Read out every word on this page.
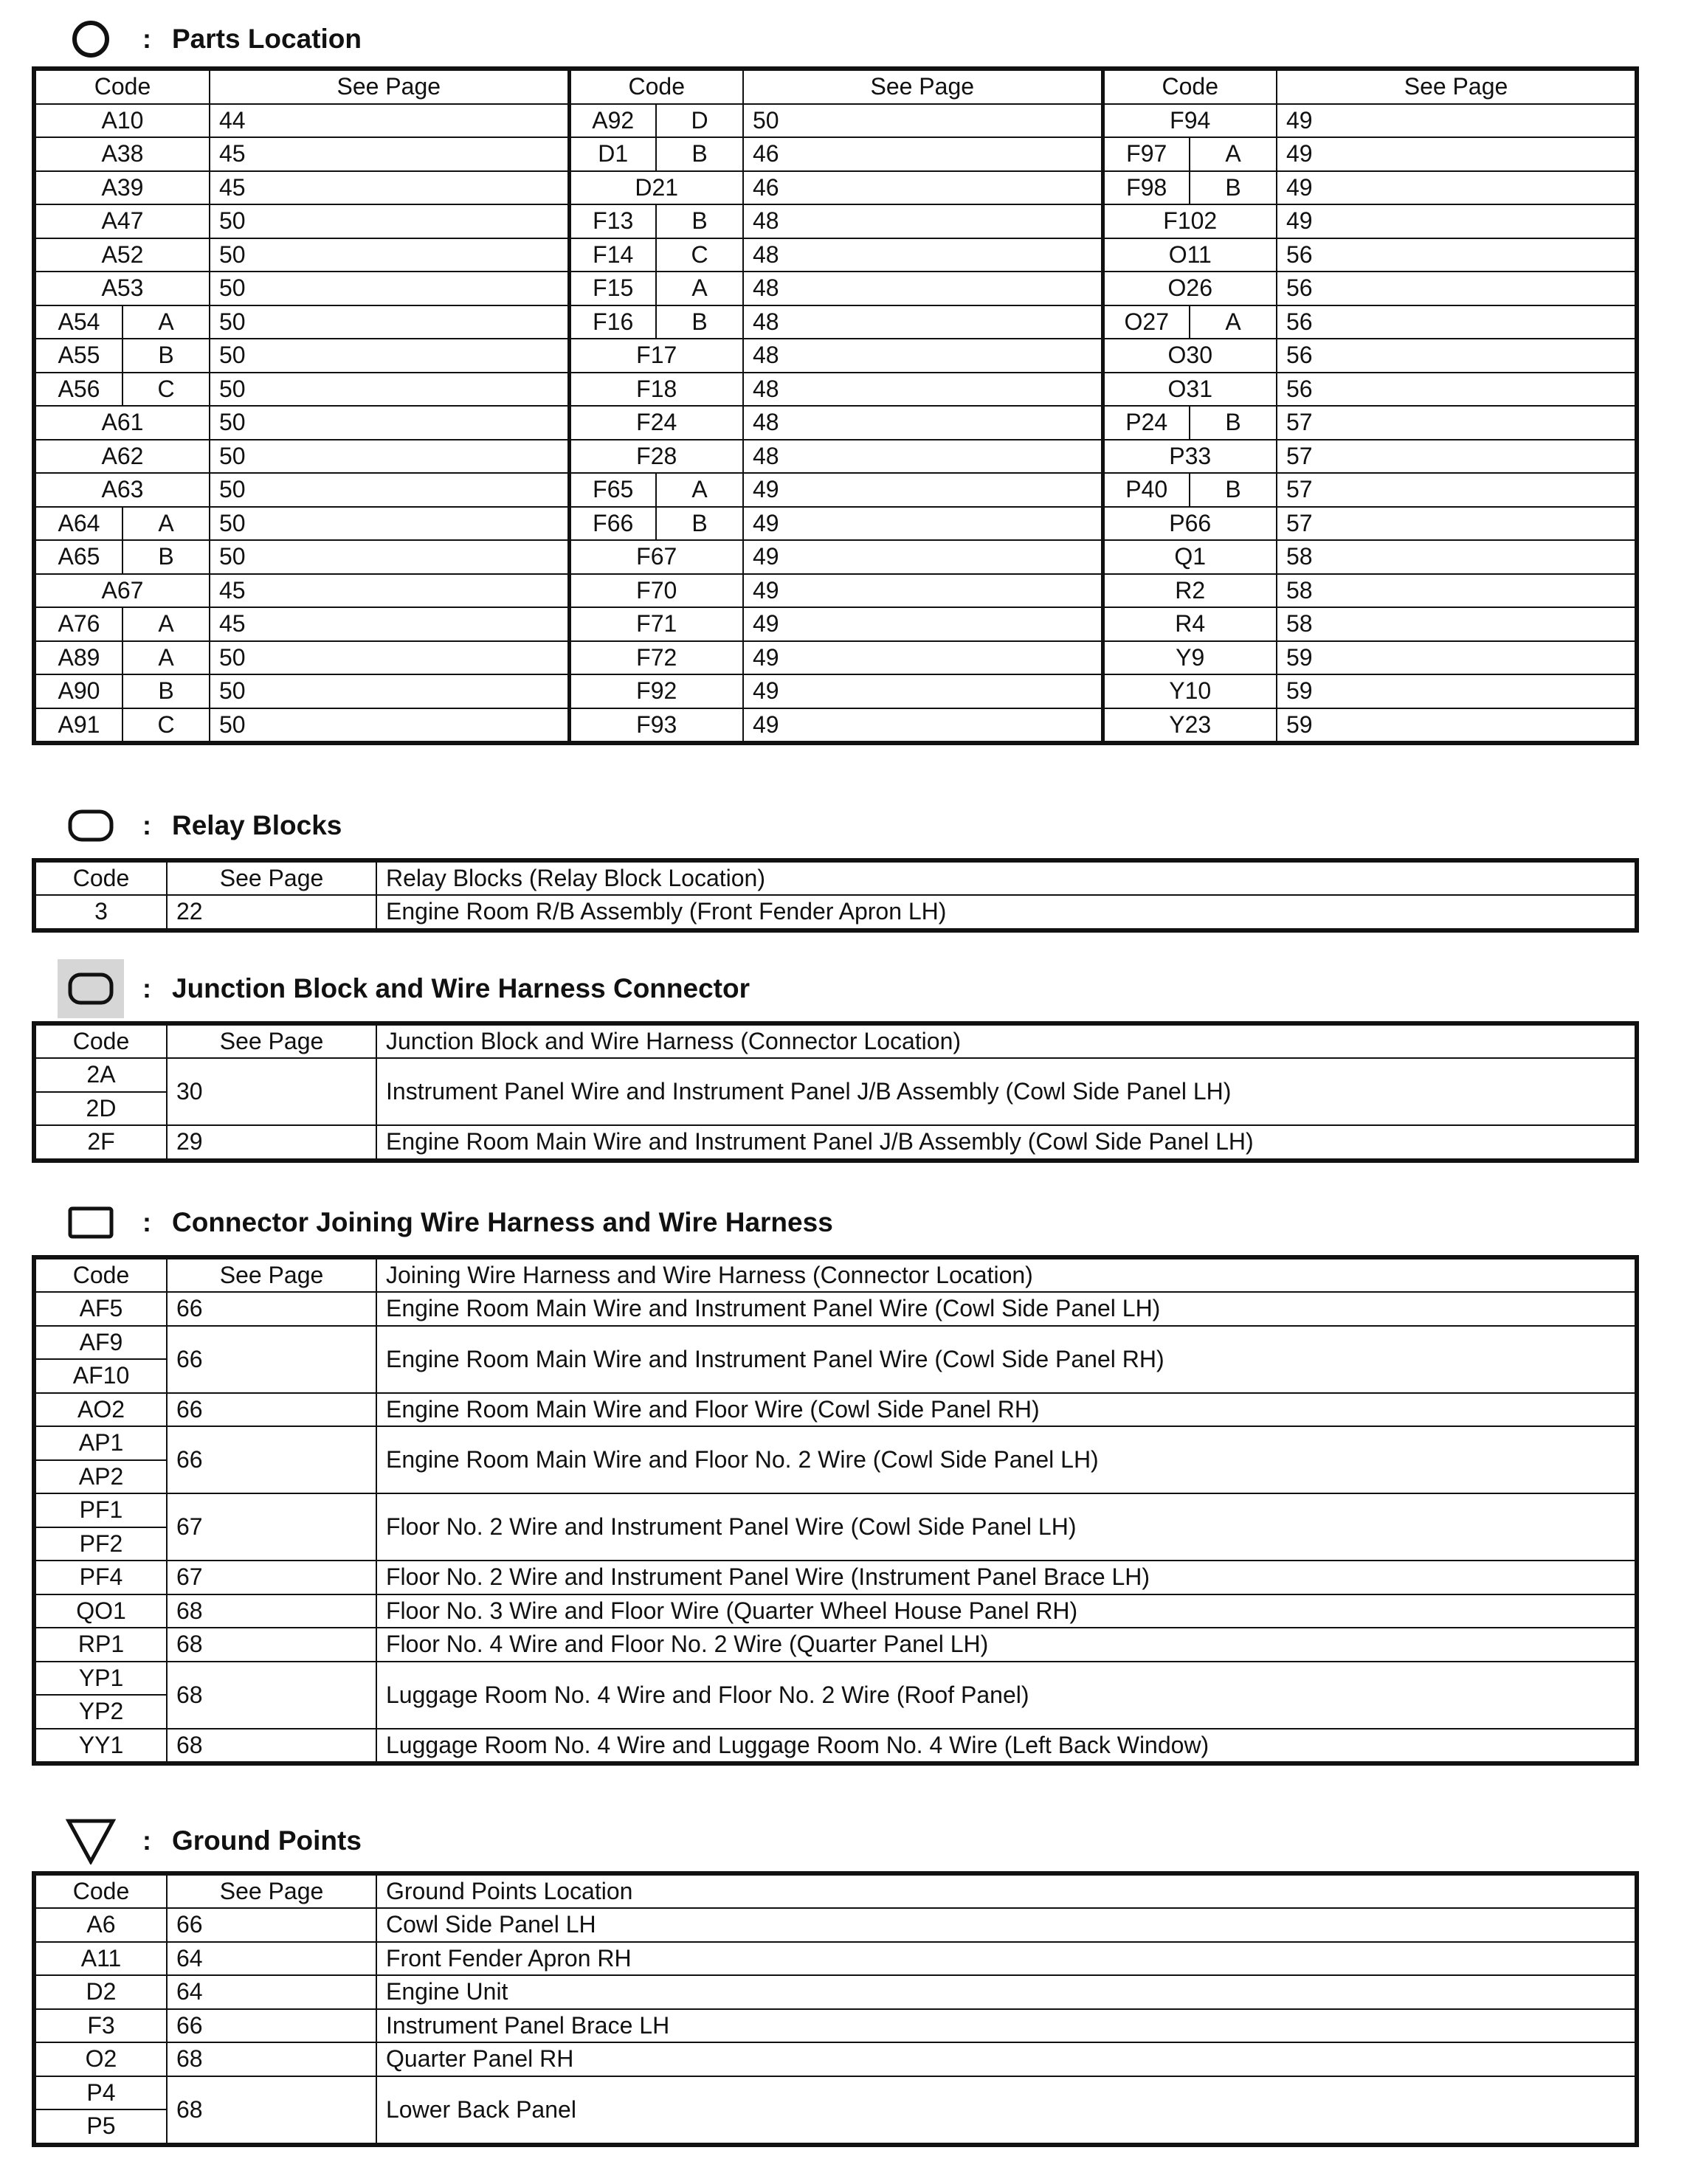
: Parts Location
Code		See Page	Code		See Page	Code		See Page
A10		44	A92	D	50	F94		49
A38		45	D1	B	46	F97	A	49
A39		45	D21		46	F98	B	49
A47		50	F13	B	48	F102		49
A52		50	F14	C	48	O11		56
A53		50	F15	A	48	O26		56
A54	A	50	F16	B	48	O27	A	56
A55	B	50	F17		48	O30		56
A56	C	50	F18		48	O31		56
A61		50	F24		48	P24	B	57
A62		50	F28		48	P33		57
A63		50	F65	A	49	P40	B	57
A64	A	50	F66	B	49	P66		57
A65	B	50	F67		49	Q1		58
A67		45	F70		49	R2		58
A76	A	45	F71		49	R4		58
A89	A	50	F72		49	Y9		59
A90	B	50	F92		49	Y10		59
A91	C	50	F93		49	Y23		59
: Relay Blocks
Code	See Page	Relay Blocks (Relay Block Location)
3	22	Engine Room R/B Assembly (Front Fender Apron LH)
: Junction Block and Wire Harness Connector
Code	See Page	Junction Block and Wire Harness (Connector Location)
2A	30	Instrument Panel Wire and Instrument Panel J/B Assembly (Cowl Side Panel LH)
2D		
2F	29	Engine Room Main Wire and Instrument Panel J/B Assembly (Cowl Side Panel LH)
: Connector Joining Wire Harness and Wire Harness
Code	See Page	Joining Wire Harness and Wire Harness (Connector Location)
AF5	66	Engine Room Main Wire and Instrument Panel Wire (Cowl Side Panel LH)
AF9	66	Engine Room Main Wire and Instrument Panel Wire (Cowl Side Panel RH)
AF10		
AO2	66	Engine Room Main Wire and Floor Wire (Cowl Side Panel RH)
AP1	66	Engine Room Main Wire and Floor No. 2 Wire (Cowl Side Panel LH)
AP2		
PF1	67	Floor No. 2 Wire and Instrument Panel Wire (Cowl Side Panel LH)
PF2		
PF4	67	Floor No. 2 Wire and Instrument Panel Wire (Instrument Panel Brace LH)
QO1	68	Floor No. 3 Wire and Floor Wire (Quarter Wheel House Panel RH)
RP1	68	Floor No. 4 Wire and Floor No. 2 Wire (Quarter Panel LH)
YP1	68	Luggage Room No. 4 Wire and Floor No. 2 Wire (Roof Panel)
YP2		
YY1	68	Luggage Room No. 4 Wire and Luggage Room No. 4 Wire (Left Back Window)
: Ground Points
Code	See Page	Ground Points Location
A6	66	Cowl Side Panel LH
A11	64	Front Fender Apron RH
D2	64	Engine Unit
F3	66	Instrument Panel Brace LH
O2	68	Quarter Panel RH
P4	68	Lower Back Panel
P5		
